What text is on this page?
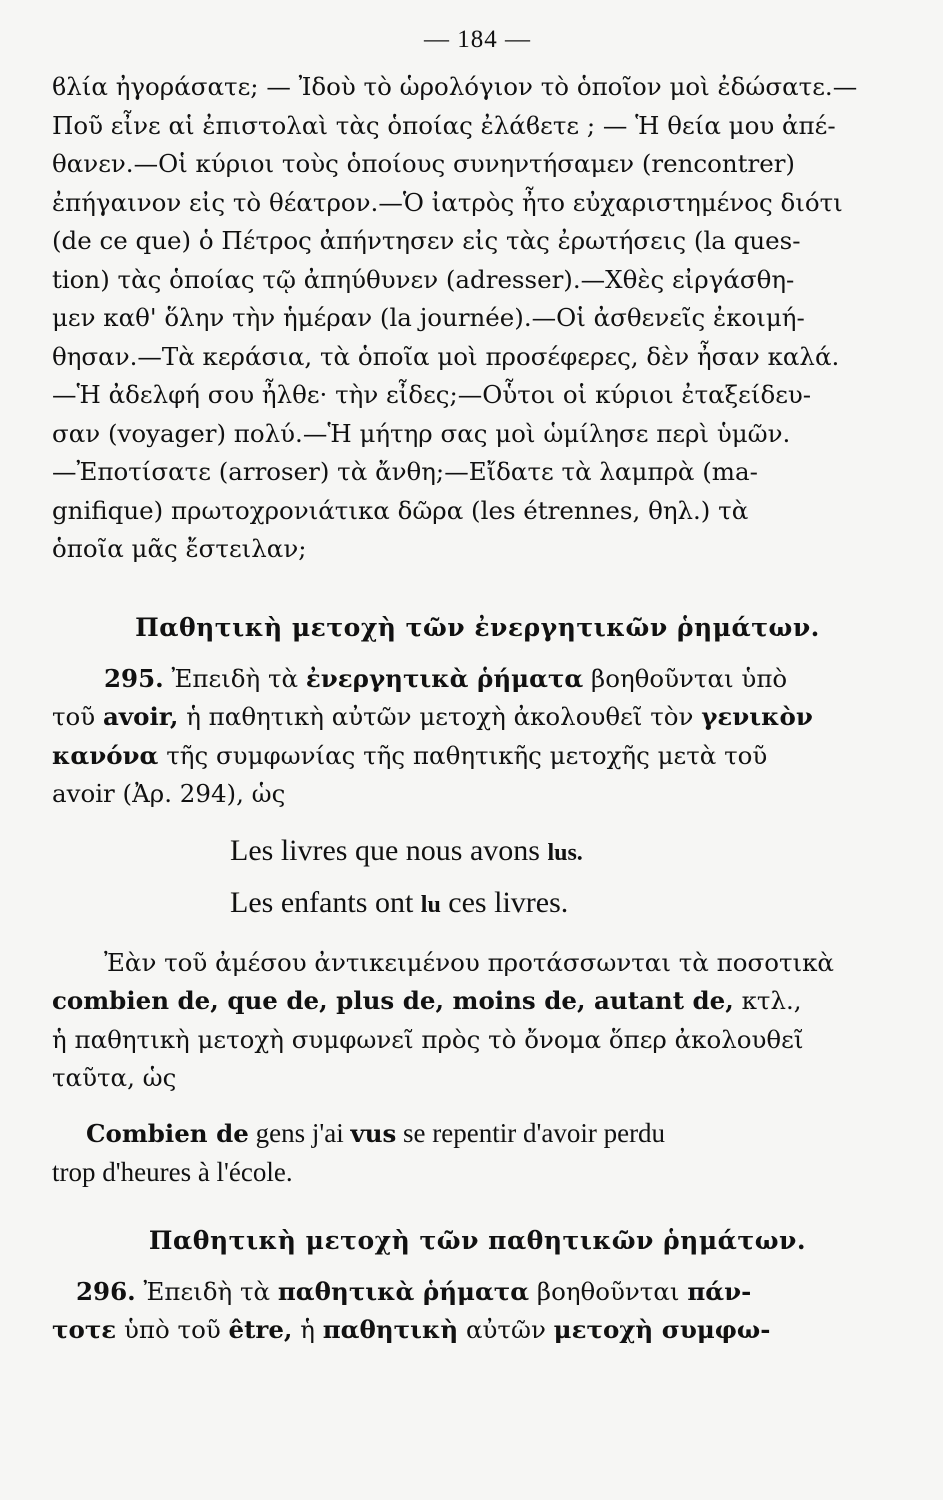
— 184 —
ϐλία ἠγοράσατε; — Ἰδοὺ τὸ ὡρολόγιον τὸ ὁποῖον μοὶ ἐδώσατε.—
Ποῦ εἶνε αἱ ἐπιστολαὶ τὰς ὁποίας ἐλάϐετε ; — Ἡ θεία μου ἀπέ-
θανεν.—Οἱ κύριοι τοὺς ὁποίους συνηντήσαμεν (rencontrer)
ἐπήγαινον εἰς τὸ θέατρον.—Ὁ ἰατρὸς ἦτο εὐχαριστημένος διότι
(de ce que) ὁ Πέτρος ἀπήντησεν εἰς τὰς ἐρωτήσεις (la ques-
tion) τὰς ὁποίας τῷ ἀπηύθυνεν (adresser).—Χθὲς εἰργάσθη-
μεν καθ' ὅλην τὴν ἡμέραν (la journée).—Οἱ ἀσθενεῖς ἐκοιμή-
θησαν.—Τὰ κεράσια, τὰ ὁποῖα μοὶ προσέφερες, δὲν ἦσαν καλά.
—Ἡ ἀδελφή σου ἦλθε· τὴν εἶδες;—Οὗτοι οἱ κύριοι ἐταξείδευ-
σαν (voyager) πολύ.—Ἡ μήτηρ σας μοὶ ὡμίλησε περὶ ὑμῶν.
—Ἐποτίσατε (arroser) τὰ ἄνθη;—Εἴδατε τὰ λαμπρὰ (ma-
gnifique) πρωτοχρονιάτικα δῶρα (les étrennes, θηλ.) τὰ
ὁποῖα μᾶς ἔστειλαν;
Παθητικὴ μετοχὴ τῶν ἐνεργητικῶν ῥημάτων.
295. Ἐπειδὴ τὰ ἐνεργητικὰ ῥήματα βοηθοῦνται ὑπὸ
τοῦ avoir, ἡ παθητικὴ αὐτῶν μετοχὴ ἀκολουθεῖ τὸν γενικὸν
κανόνα τῆς συμφωνίας τῆς παθητικῆς μετοχῆς μετὰ τοῦ
avoir (Ἀρ. 294), ὡς
Les livres que nous avons lus.
Les enfants ont lu ces livres.
Ἐὰν τοῦ ἀμέσου ἀντικειμένου προτάσσωνται τὰ ποσοτικὰ
combien de, que de, plus de, moins de, autant de, κτλ.,
ἡ παθητικὴ μετοχὴ συμφωνεῖ πρὸς τὸ ὄνομα ὅπερ ἀκολουθεῖ
ταῦτα, ὡς
Combien de gens j'ai vus se repentir d'avoir perdu
trop d'heures à l'école.
Παθητικὴ μετοχὴ τῶν παθητικῶν ῥημάτων.
296. Ἐπειδὴ τὰ παθητικὰ ῥήματα βοηθοῦνται πάν-
τοτε ὑπὸ τοῦ être, ἡ παθητικὴ αὐτῶν μετοχὴ συμφω-
